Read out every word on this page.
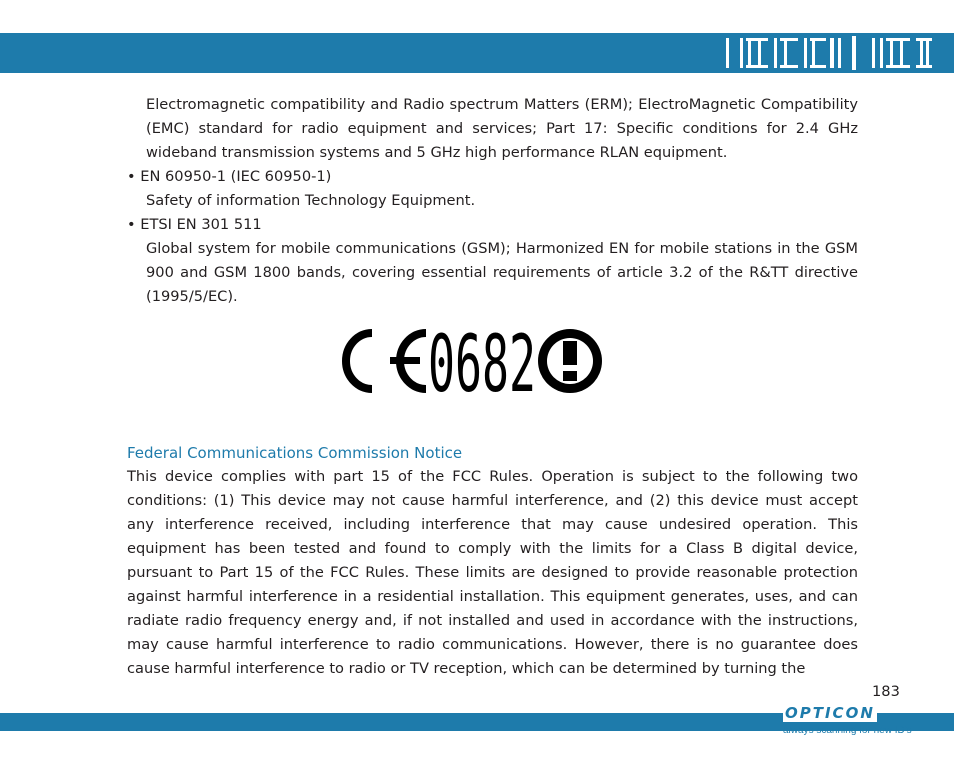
Electromagnetic compatibility and Radio spectrum Matters (ERM); ElectroMagnetic Compatibility (EMC) standard for radio equipment and services; Part 17: Specific conditions for 2.4 GHz wideband transmission systems and 5 GHz high performance RLAN equipment.

• EN 60950-1 (IEC 60950-1)

Safety of information Technology Equipment.

• ETSI EN 301 511

Global system for mobile communications (GSM); Harmonized EN for mobile stations in the GSM 900 and GSM 1800 bands, covering essential requirements of article 3.2 of the R&TT directive (1995/5/EC).

0682

Federal Communications Commission Notice

This device complies with part 15 of the FCC Rules. Operation is subject to the following two conditions: (1) This device may not cause harmful interference, and (2) this device must accept any interference received, including interference that may cause undesired operation. This equipment has been tested and found to comply with the limits for a Class B digital device, pursuant to Part 15 of the FCC Rules. These limits are designed to provide reasonable protection against harmful interference in a residential installation. This equipment generates, uses, and can radiate radio frequency energy and, if not installed and used in accordance with the instructions, may cause harmful interference to radio communications. However, there is no guarantee does cause harmful interference to radio or TV reception, which can be determined by turning the

183
OPTICON
always scanning for new ID's
